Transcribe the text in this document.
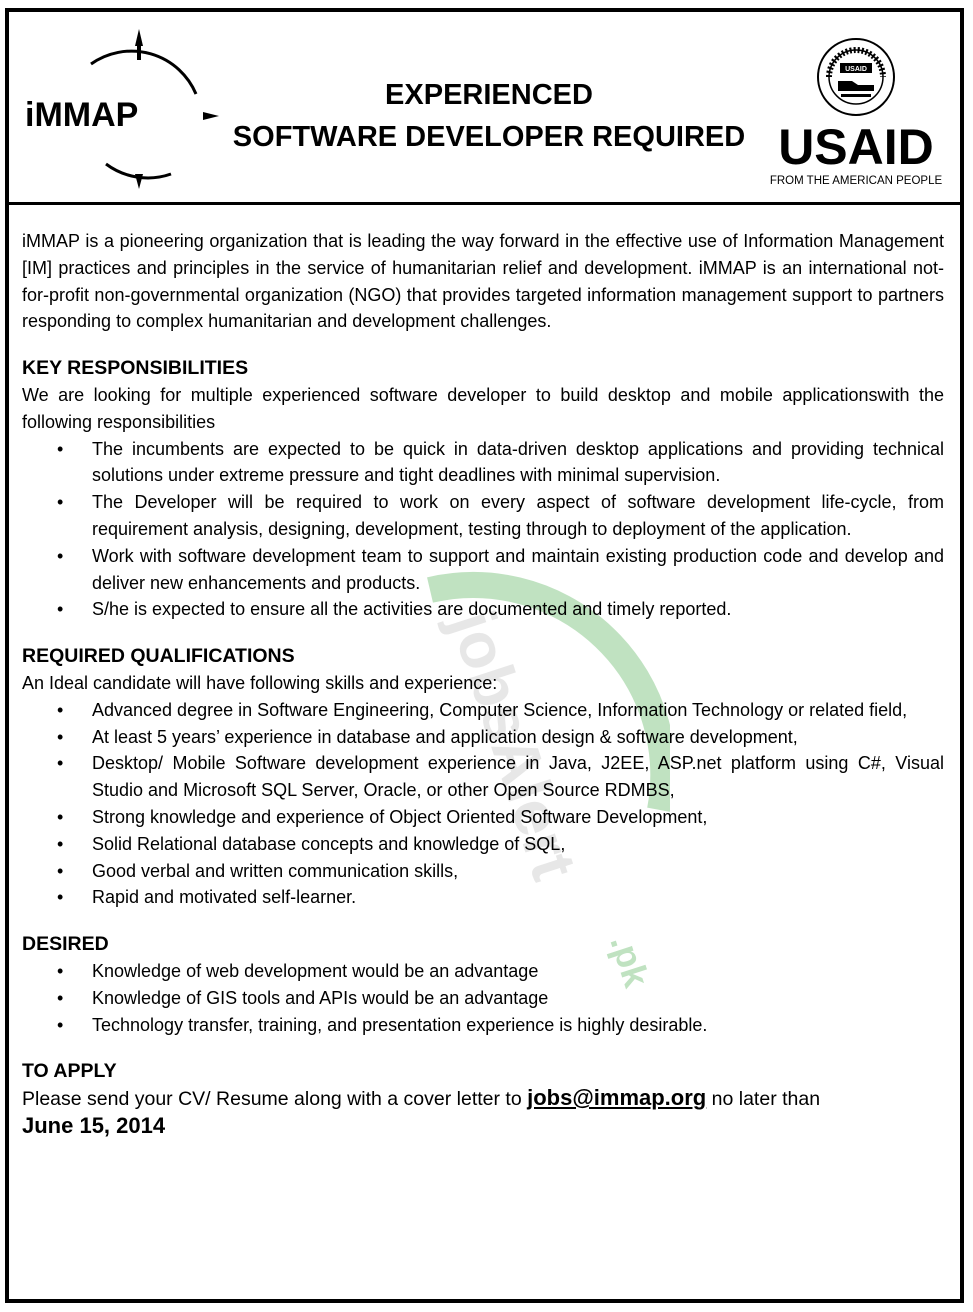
iMMAP
EXPERIENCED
SOFTWARE DEVELOPER REQUIRED
USAID
USAID
FROM THE AMERICAN PEOPLE
jobsAlert
.pk

iMMAP is a pioneering organization that is leading the way forward in the effective use of Information Management [IM] practices and principles in the service of humanitarian relief and development. iMMAP is an international not-for-profit non-governmental organization (NGO) that provides targeted information management support to partners responding to complex humanitarian and development challenges.

KEY RESPONSIBILITIES

We are looking for multiple experienced software developer to build desktop and mobile applicationswith the following responsibilities

• The incumbents are expected to be quick in data-driven desktop applications and providing technical solutions under extreme pressure and tight deadlines with minimal supervision.
• The Developer will be required to work on every aspect of software development life-cycle, from requirement analysis, designing, development, testing through to deployment of the application.
• Work with software development team to support and maintain existing production code and develop and deliver new enhancements and products.
• S/he is expected to ensure all the activities are documented and timely reported.
REQUIRED QUALIFICATIONS

An Ideal candidate will have following skills and experience:

• Advanced degree in Software Engineering, Computer Science, Information Technology or related field,
• At least 5 years’ experience in database and application design & software development,
• Desktop/ Mobile Software development experience in Java, J2EE, ASP.net platform using C#, Visual Studio and Microsoft SQL Server, Oracle, or other Open Source RDMBS,
• Strong knowledge and experience of Object Oriented Software Development,
• Solid Relational database concepts and knowledge of SQL,
• Good verbal and written communication skills,
• Rapid and motivated self-learner.
DESIRED
• Knowledge of web development would be an advantage
• Knowledge of GIS tools and APIs would be an advantage
• Technology transfer, training, and presentation experience is highly desirable.
TO APPLY
Please send your CV/ Resume along with a cover letter to jobs@immap.org no later than
June 15, 2014
